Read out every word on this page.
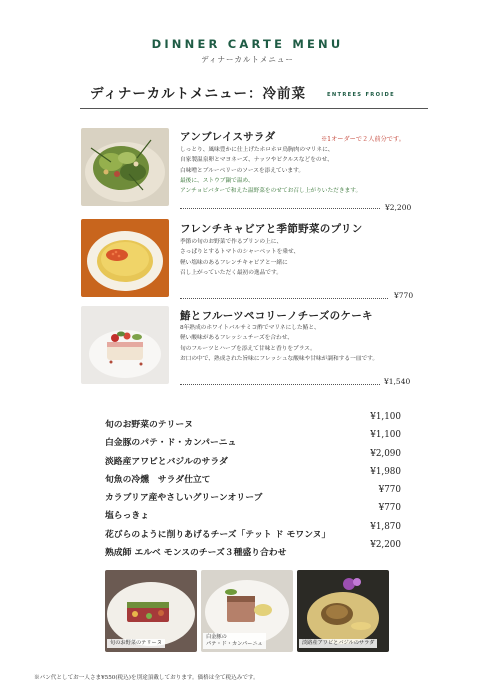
DINNER CARTE MENU
ディナーカルトメニュー
ディナーカルトメニュー：冷前菜	ENTREES FROIDE
アンブレイスサラダ	※1オーダーで２人前分です。
しっとり、風味豊かに仕上げたホロホロ鳥胸肉のマリネに、
自家製温泉卵とマヨネーズ、ナッツやピクルスなどをのせ、
白味噌とブルーベリーのソースを添えています。
最後に、ストウブ鍋で温め、
アンチョビバターで和えた温野菜をのせてお召し上がりいただきます。
¥2,200
フレンチキャビアと季節野菜のプリン
季節の旬のお野菜で作るプリンの上に、
さっぱりとするトマトのシャーベットを乗せ、
軽い塩味のあるフレンチキャビアと一緒に
召し上がっていただく最初の逸品です。
¥770
鰆とフルーツペコリーノチーズのケーキ
8年熟成のホワイトバルサミコ酢でマリネにした鰆と、
軽い酸味があるフレッシュチーズを合わせ、
旬のフルーツとハーブを添えて甘味と香りをプラス。
お口の中で、熟成された旨味にフレッシュな酸味や甘味が調和する一皿です。
¥1,540
旬のお野菜のテリーヌ
¥1,100
白金豚のパテ・ド・カンパーニュ
¥1,100
淡路産アワビとバジルのサラダ
¥2,090
旬魚の冷燻　サラダ仕立て
¥1,980
カラブリア産やさしいグリーンオリーブ
¥770
塩らっきょ
¥770
花びらのように削りあげるチーズ「テット ド モワンヌ」
¥1,870
熟成師 エルベ モンスのチーズ３種盛り合わせ
¥2,200
旬のお野菜のテリーヌ
白金豚の
パテ・ド・カンパーニュ	淡路産アワビとバジルのサラダ
※パン代としてお一人さま¥550(税込)を別途頂戴しております。価格は全て税込みです。
